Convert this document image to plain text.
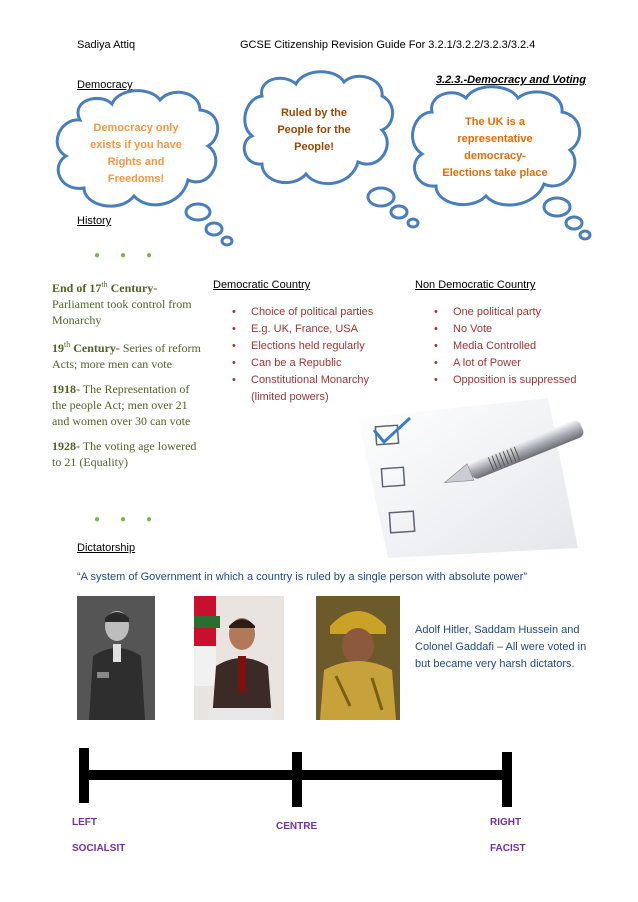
Sadiya Attiq	GCSE Citizenship Revision Guide For 3.2.1/3.2.2/3.2.3/3.2.4
Democracy	3.2.3.-Democracy and Voting
Democracy only exists if you have Rights and Freedoms!
Ruled by the People for the People!
The UK is a representative democracy- Elections take place
History
● ● ●

End of 17th Century- Parliament took control from Monarchy

19th Century- Series of reform Acts; more men can vote

1918- The Representation of the people Act; men over 21 and women over 30 can vote

1928- The voting age lowered to 21 (Equality)

● ● ●
Democratic Country
• Choice of political parties
• E.g. UK, France, USA
• Elections held regularly
• Can be a Republic
• Constitutional Monarchy (limited powers)
Non Democratic Country
• One political party
• No Vote
• Media Controlled
• A lot of Power
• Opposition is suppressed
Dictatorship
“A system of Government in which a country is ruled by a single person with absolute power”
Adolf Hitler, Saddam Hussein and Colonel Gaddafi – All were voted in but became very harsh dictators.
LEFT
SOCIALSIT
CENTRE	RIGHT
FACIST
